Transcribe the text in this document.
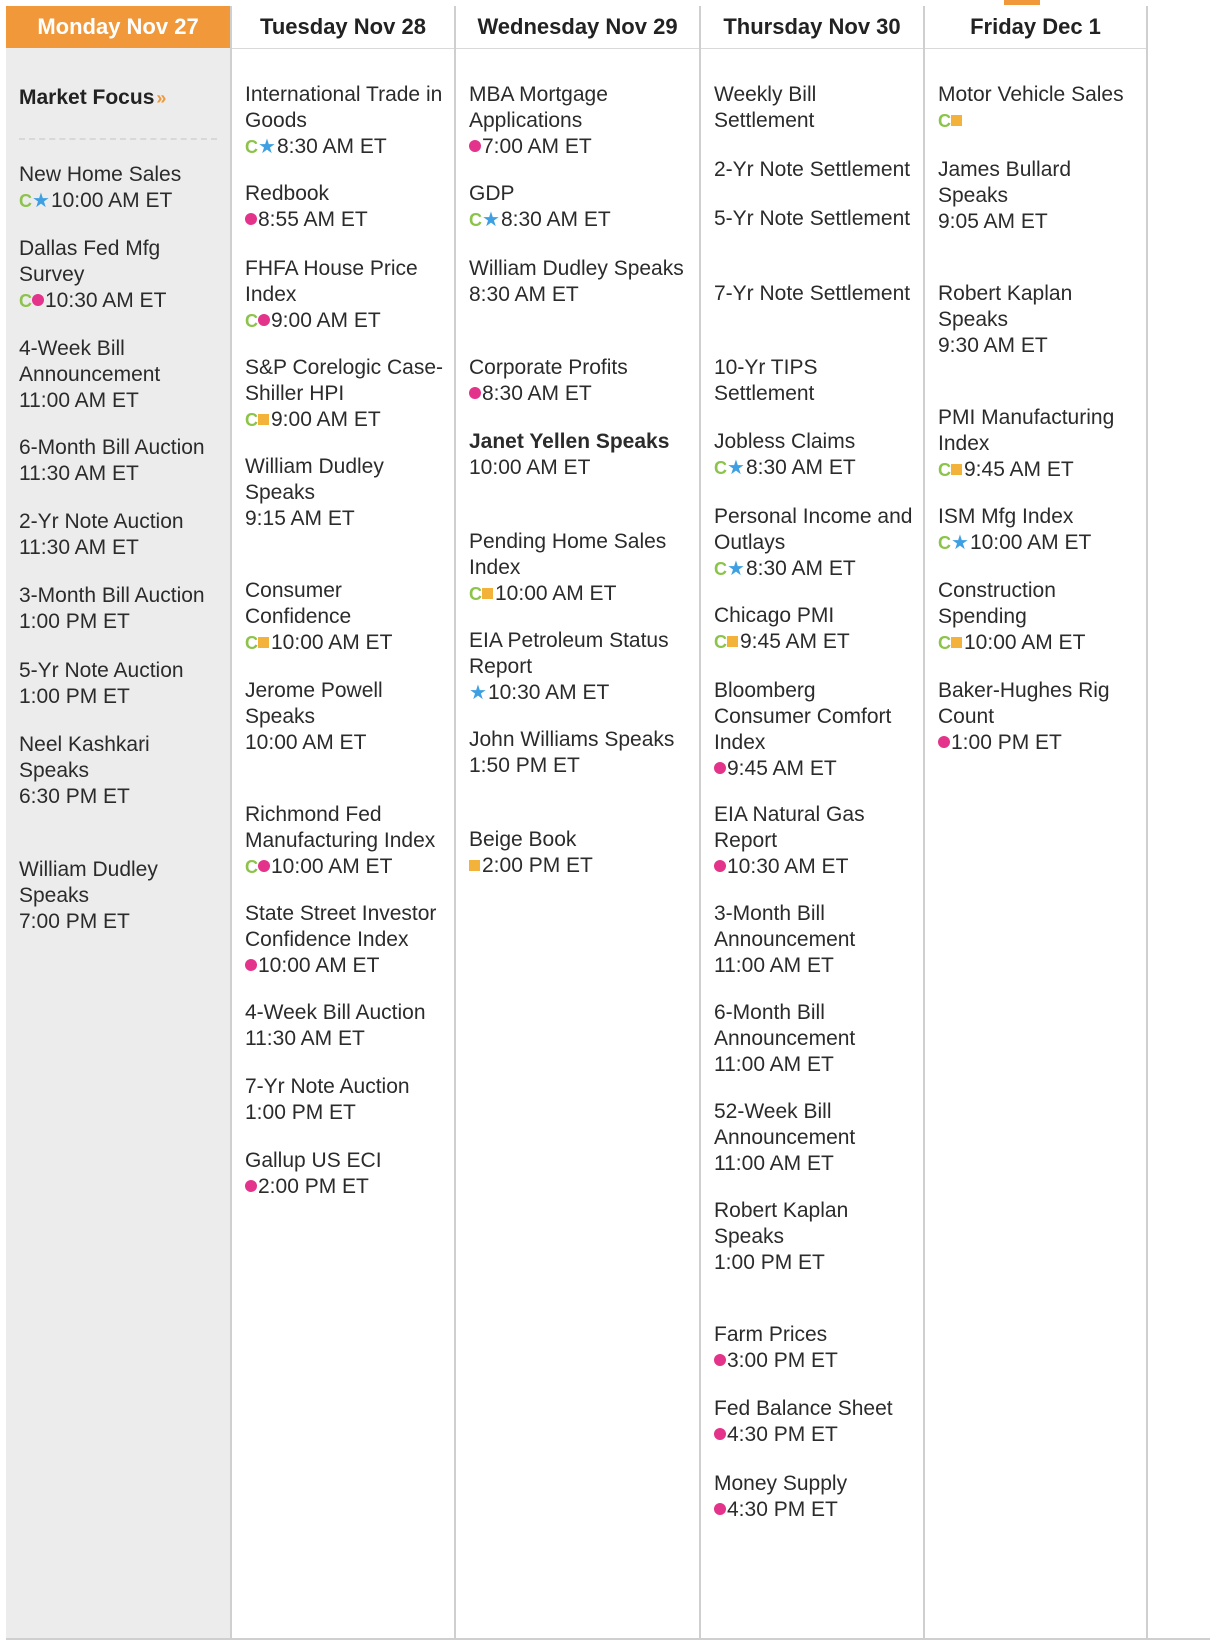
Monday Nov 27
Market Focus »
New Home Sales
C★10:00 AM ET
Dallas Fed Mfg Survey
C 10:30 AM ET
4-Week Bill Announcement
11:00 AM ET
6-Month Bill Auction
11:30 AM ET
2-Yr Note Auction
11:30 AM ET
3-Month Bill Auction
1:00 PM ET
5-Yr Note Auction
1:00 PM ET
Neel Kashkari Speaks
6:30 PM ET
William Dudley Speaks
7:00 PM ET
Tuesday Nov 28
International Trade in Goods
C★8:30 AM ET
Redbook
8:55 AM ET
FHFA House Price Index
C 9:00 AM ET
S&P Corelogic Case-Shiller HPI
C 9:00 AM ET
William Dudley Speaks
9:15 AM ET
Consumer Confidence
C 10:00 AM ET
Jerome Powell Speaks
10:00 AM ET
Richmond Fed Manufacturing Index
C 10:00 AM ET
State Street Investor Confidence Index
10:00 AM ET
4-Week Bill Auction
11:30 AM ET
7-Yr Note Auction
1:00 PM ET
Gallup US ECI
2:00 PM ET
Wednesday Nov 29
MBA Mortgage Applications
7:00 AM ET
GDP
C★8:30 AM ET
William Dudley Speaks
8:30 AM ET
Corporate Profits
8:30 AM ET
Janet Yellen Speaks
10:00 AM ET
Pending Home Sales Index
C 10:00 AM ET
EIA Petroleum Status Report
★10:30 AM ET
John Williams Speaks
1:50 PM ET
Beige Book
2:00 PM ET
Thursday Nov 30
Weekly Bill Settlement
2-Yr Note Settlement
5-Yr Note Settlement
7-Yr Note Settlement
10-Yr TIPS Settlement
Jobless Claims
C★8:30 AM ET
Personal Income and Outlays
C★8:30 AM ET
Chicago PMI
C 9:45 AM ET
Bloomberg Consumer Comfort Index
9:45 AM ET
EIA Natural Gas Report
10:30 AM ET
3-Month Bill Announcement
11:00 AM ET
6-Month Bill Announcement
11:00 AM ET
52-Week Bill Announcement
11:00 AM ET
Robert Kaplan Speaks
1:00 PM ET
Farm Prices
3:00 PM ET
Fed Balance Sheet
4:30 PM ET
Money Supply
4:30 PM ET
Friday Dec 1
Motor Vehicle Sales
C
James Bullard Speaks
9:05 AM ET
Robert Kaplan Speaks
9:30 AM ET
PMI Manufacturing Index
C 9:45 AM ET
ISM Mfg Index
C★10:00 AM ET
Construction Spending
C 10:00 AM ET
Baker-Hughes Rig Count
1:00 PM ET
